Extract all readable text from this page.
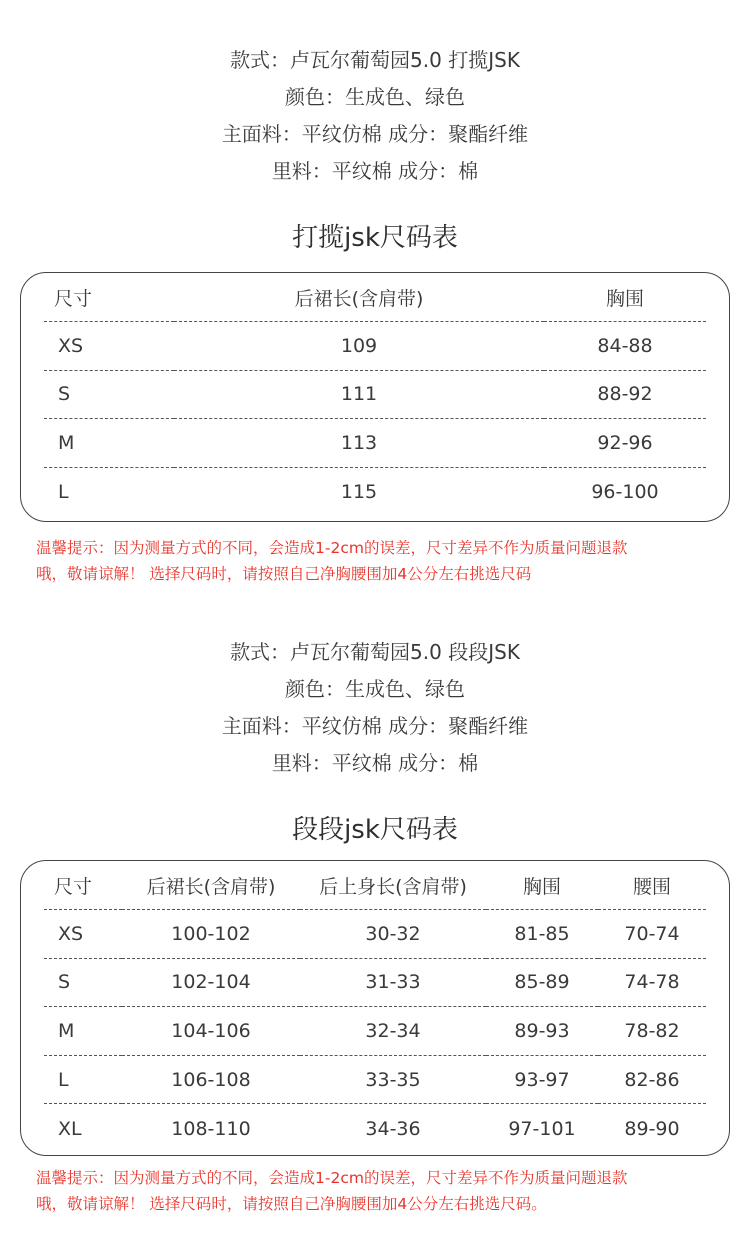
款式：卢瓦尔葡萄园5.0 打揽JSK
颜色：生成色、绿色
主面料：平纹仿棉 成分：聚酯纤维
里料：平纹棉 成分：棉
打揽jsk尺码表
尺寸	后裙长(含肩带)	胸围
XS	109	84-88
S	111	88-92
M	113	92-96
L	115	96-100
温馨提示：因为测量方式的不同，会造成1-2cm的误差，尺寸差异不作为质量问题退款
哦，敬请谅解！ 选择尺码时，请按照自己净胸腰围加4公分左右挑选尺码
款式：卢瓦尔葡萄园5.0 段段JSK
颜色：生成色、绿色
主面料：平纹仿棉 成分：聚酯纤维
里料：平纹棉 成分：棉
段段jsk尺码表
尺寸	后裙长(含肩带)	后上身长(含肩带)	胸围	腰围
XS	100-102	30-32	81-85	70-74
S	102-104	31-33	85-89	74-78
M	104-106	32-34	89-93	78-82
L	106-108	33-35	93-97	82-86
XL	108-110	34-36	97-101	89-90
温馨提示：因为测量方式的不同，会造成1-2cm的误差，尺寸差异不作为质量问题退款
哦，敬请谅解！ 选择尺码时，请按照自己净胸腰围加4公分左右挑选尺码。
